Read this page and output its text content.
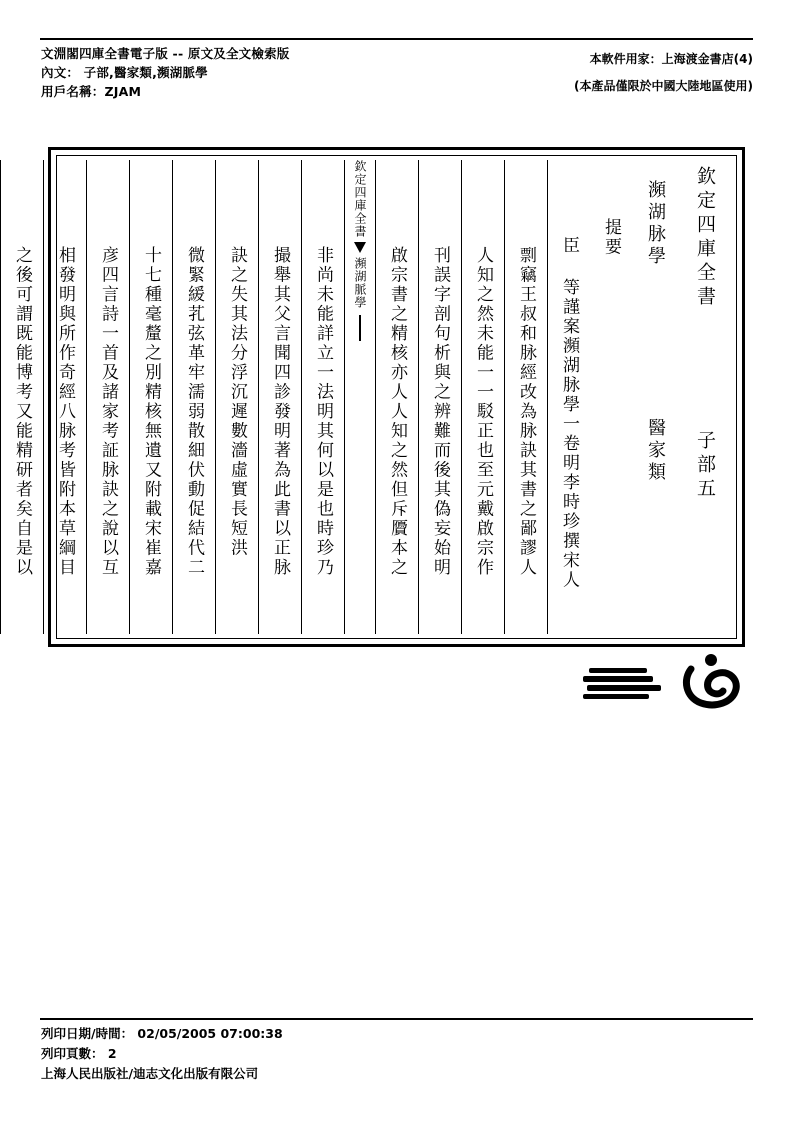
文淵閣四庫全書電子版 -- 原文及全文檢索版
內文： 子部,醫家類,瀕湖脈學
用戶名稱：ZJAM
本軟件用家：上海渡金書店(4)
(本產品僅限於中國大陸地區使用)
欽定四庫全書
子部五
瀕湖脉學
醫家類
提要
臣 等謹案瀕湖脉學一卷明李時珍撰宋人
剽竊王叔和脉經改為脉訣其書之鄙謬人
人知之然未能一一駁正也至元戴啟宗作
刊誤字剖句析與之辨難而後其偽妄始明
啟宗書之精核亦人人知之然但斥贗本之
欽定四庫全書
瀕湖脈學
非尚未能詳立一法明其何以是也時珍乃
撮舉其父言聞四診發明著為此書以正脉
訣之失其法分浮沉遲數濇虛實長短洪
微緊緩芤弦革牢濡弱散細伏動促結代二
十七種毫釐之別精核無遺又附載宋崔嘉
彦四言詩一首及諸家考証脉訣之說以互
相發明與所作奇經八脉考皆附本草綱目
之後可謂既能博考又能精研者矣自是以
列印日期/時間： 02/05/2005 07:00:38
列印頁數： 2
上海人民出版社/迪志文化出版有限公司
